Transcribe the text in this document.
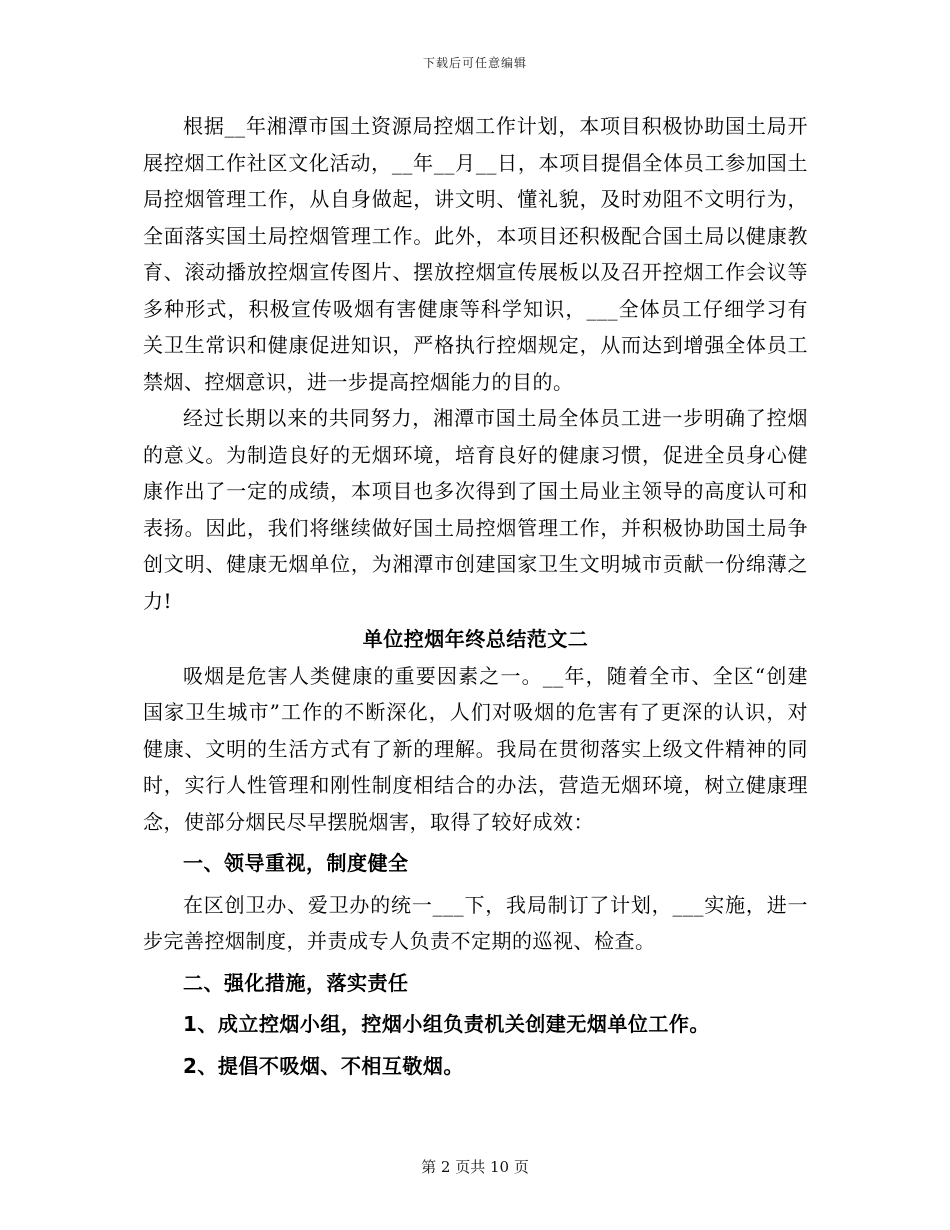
下载后可任意编辑

根据__年湘潭市国土资源局控烟工作计划，本项目积极协助国土局开展控烟工作社区文化活动，__年__月__日，本项目提倡全体员工参加国土局控烟管理工作，从自身做起，讲文明、懂礼貌，及时劝阻不文明行为，全面落实国土局控烟管理工作。此外，本项目还积极配合国土局以健康教育、滚动播放控烟宣传图片、摆放控烟宣传展板以及召开控烟工作会议等多种形式，积极宣传吸烟有害健康等科学知识，___全体员工仔细学习有关卫生常识和健康促进知识，严格执行控烟规定，从而达到增强全体员工禁烟、控烟意识，进一步提高控烟能力的目的。

经过长期以来的共同努力，湘潭市国土局全体员工进一步明确了控烟的意义。为制造良好的无烟环境，培育良好的健康习惯，促进全员身心健康作出了一定的成绩，本项目也多次得到了国土局业主领导的高度认可和表扬。因此，我们将继续做好国土局控烟管理工作，并积极协助国土局争创文明、健康无烟单位，为湘潭市创建国家卫生文明城市贡献一份绵薄之力!

单位控烟年终总结范文二

吸烟是危害人类健康的重要因素之一。__年，随着全市、全区“创建国家卫生城市”工作的不断深化，人们对吸烟的危害有了更深的认识，对健康、文明的生活方式有了新的理解。我局在贯彻落实上级文件精神的同时，实行人性管理和刚性制度相结合的办法，营造无烟环境，树立健康理念，使部分烟民尽早摆脱烟害，取得了较好成效：

一、领导重视，制度健全

在区创卫办、爱卫办的统一___下，我局制订了计划，___实施，进一步完善控烟制度，并责成专人负责不定期的巡视、检查。

二、强化措施，落实责任

1、成立控烟小组，控烟小组负责机关创建无烟单位工作。

2、提倡不吸烟、不相互敬烟。

第 2 页共 10 页
